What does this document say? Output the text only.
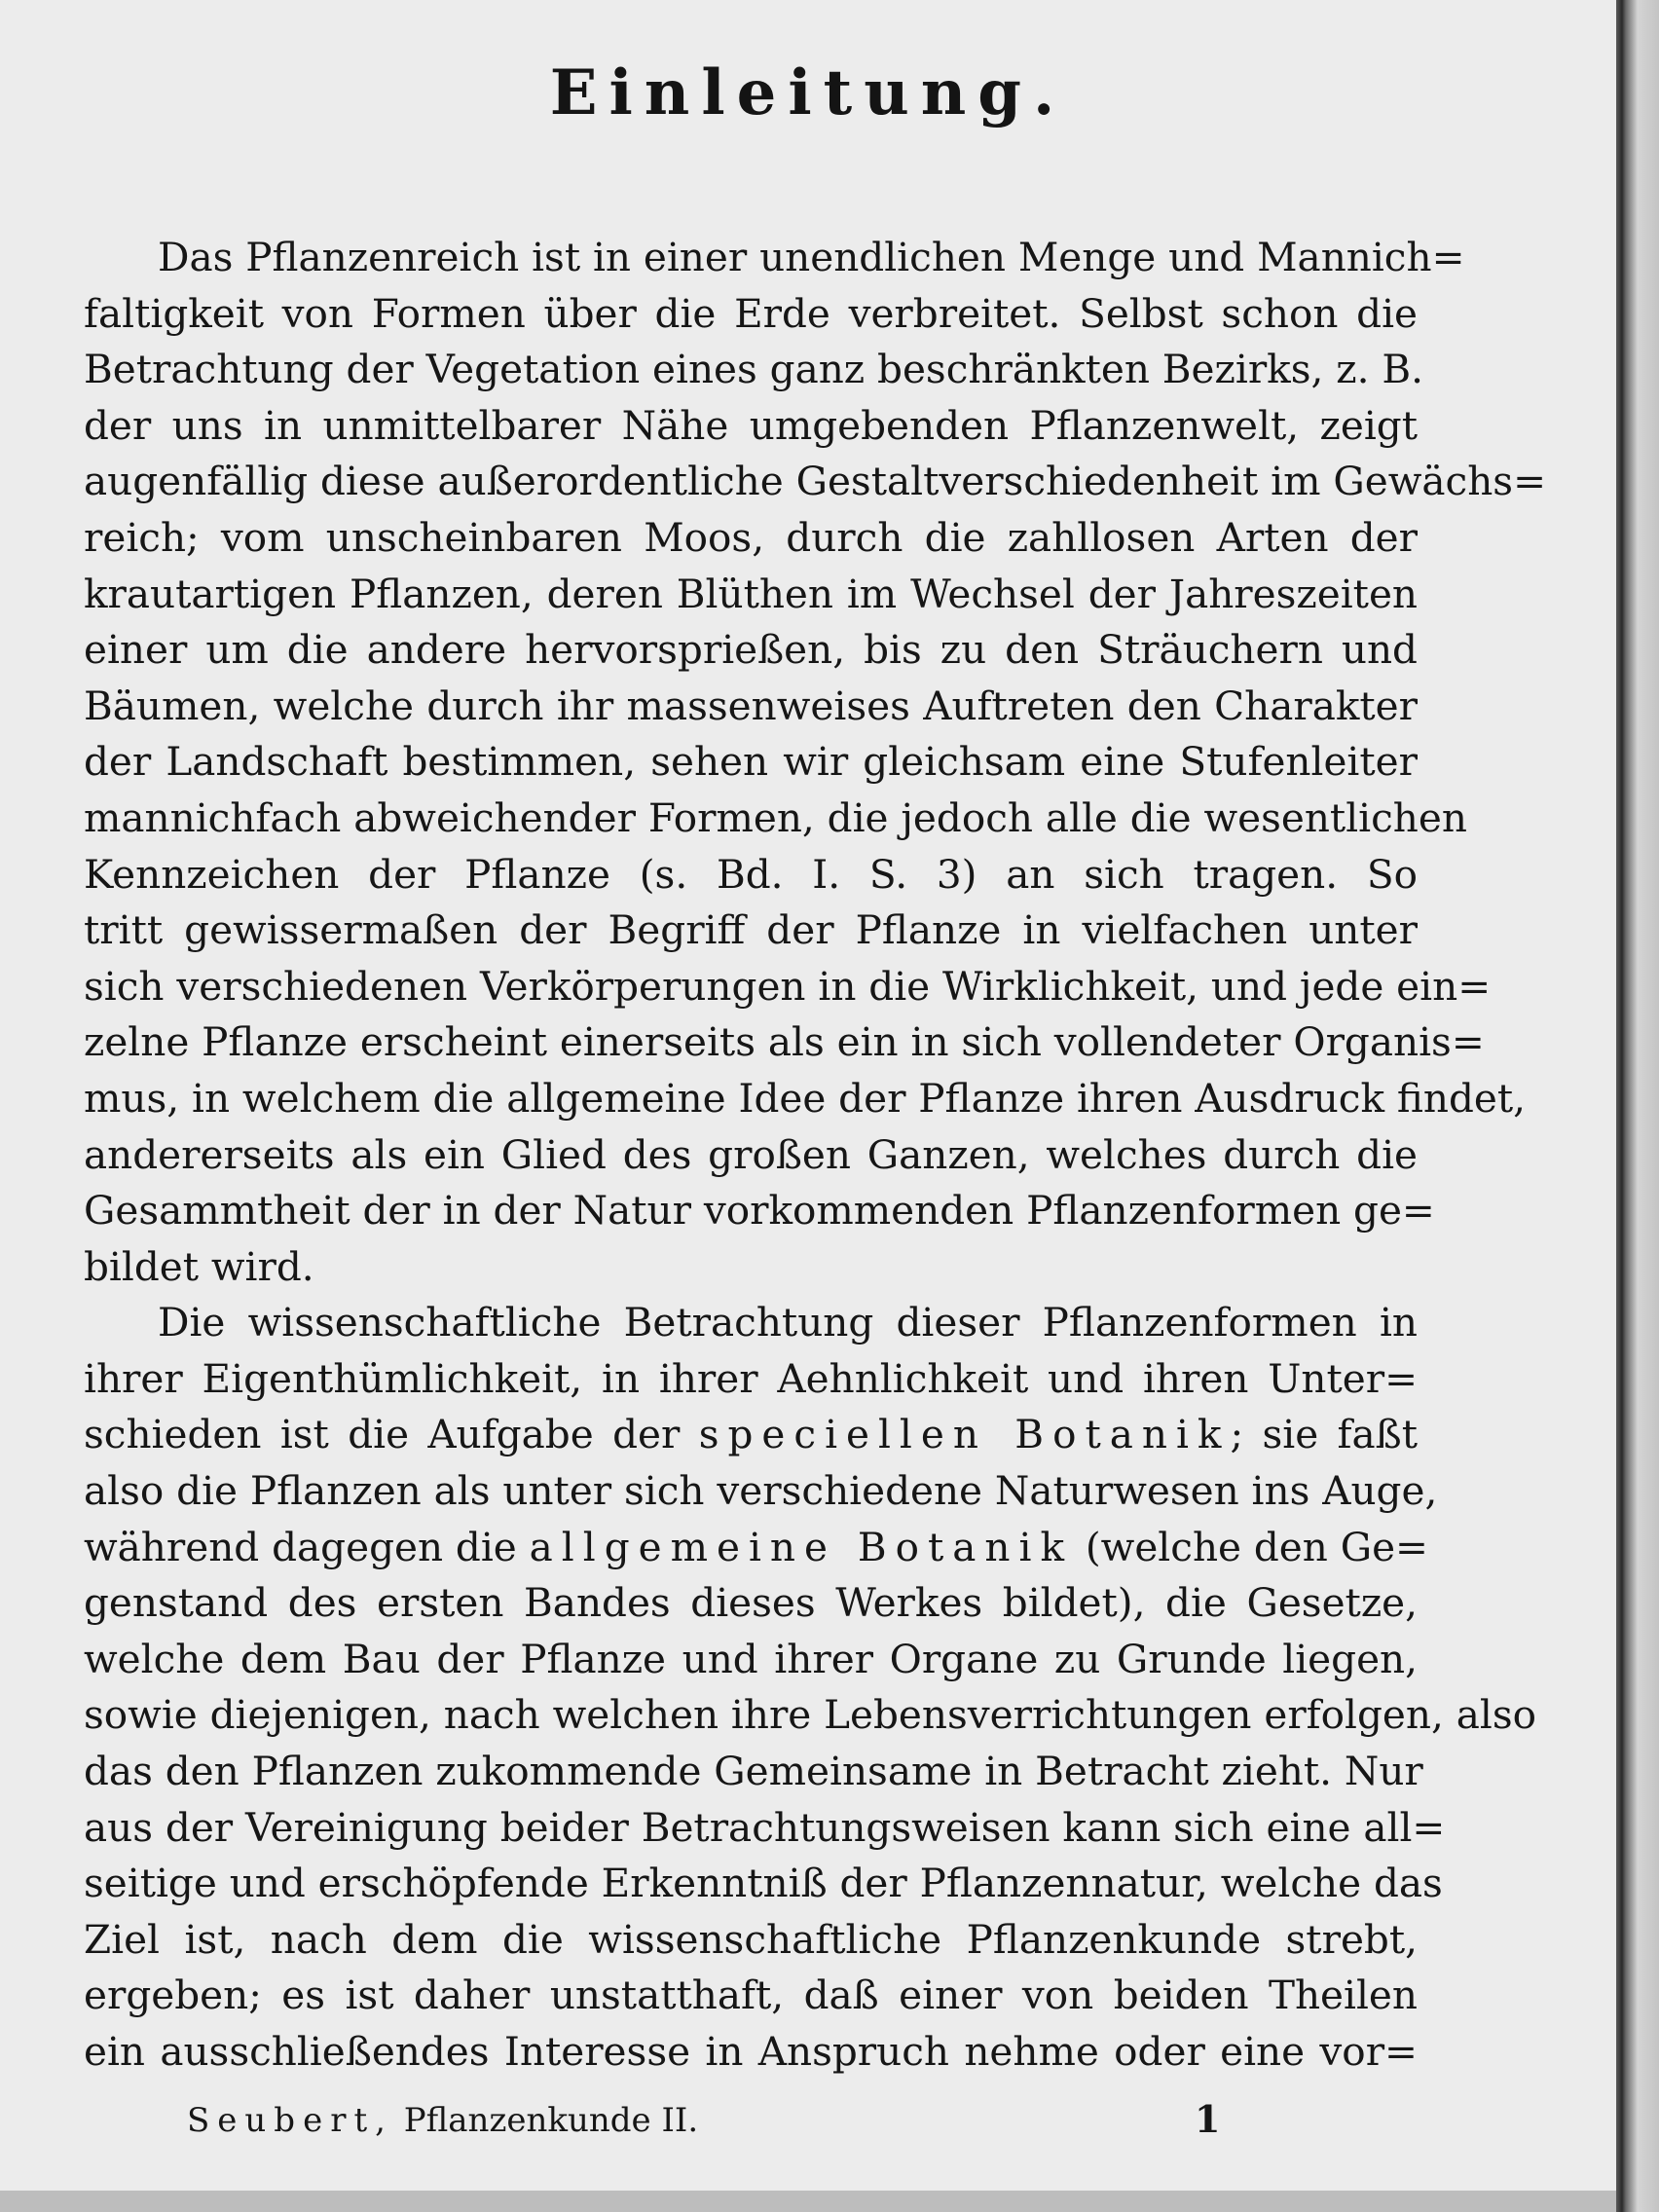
Einleitung.
Das Pflanzenreich ist in einer unendlichen Menge und Mannich=
faltigkeit von Formen über die Erde verbreitet. Selbst schon die
Betrachtung der Vegetation eines ganz beschränkten Bezirks, z. B.
der uns in unmittelbarer Nähe umgebenden Pflanzenwelt, zeigt
augenfällig diese außerordentliche Gestaltverschiedenheit im Gewächs=
reich; vom unscheinbaren Moos, durch die zahllosen Arten der
krautartigen Pflanzen, deren Blüthen im Wechsel der Jahreszeiten
einer um die andere hervorsprießen, bis zu den Sträuchern und
Bäumen, welche durch ihr massenweises Auftreten den Charakter
der Landschaft bestimmen, sehen wir gleichsam eine Stufenleiter
mannichfach abweichender Formen, die jedoch alle die wesentlichen
Kennzeichen der Pflanze (s. Bd. I. S. 3) an sich tragen. So
tritt gewissermaßen der Begriff der Pflanze in vielfachen unter
sich verschiedenen Verkörperungen in die Wirklichkeit, und jede ein=
zelne Pflanze erscheint einerseits als ein in sich vollendeter Organis=
mus, in welchem die allgemeine Idee der Pflanze ihren Ausdruck findet,
andererseits als ein Glied des großen Ganzen, welches durch die
Gesammtheit der in der Natur vorkommenden Pflanzenformen ge=
bildet wird.
Die wissenschaftliche Betrachtung dieser Pflanzenformen in
ihrer Eigenthümlichkeit, in ihrer Aehnlichkeit und ihren Unter=
schieden ist die Aufgabe der speciellen Botanik; sie faßt
also die Pflanzen als unter sich verschiedene Naturwesen ins Auge,
während dagegen die allgemeine Botanik (welche den Ge=
genstand des ersten Bandes dieses Werkes bildet), die Gesetze,
welche dem Bau der Pflanze und ihrer Organe zu Grunde liegen,
sowie diejenigen, nach welchen ihre Lebensverrichtungen erfolgen, also
das den Pflanzen zukommende Gemeinsame in Betracht zieht. Nur
aus der Vereinigung beider Betrachtungsweisen kann sich eine all=
seitige und erschöpfende Erkenntniß der Pflanzennatur, welche das
Ziel ist, nach dem die wissenschaftliche Pflanzenkunde strebt,
ergeben; es ist daher unstatthaft, daß einer von beiden Theilen
ein ausschließendes Interesse in Anspruch nehme oder eine vor=
Seubert, Pflanzenkunde II.	1
